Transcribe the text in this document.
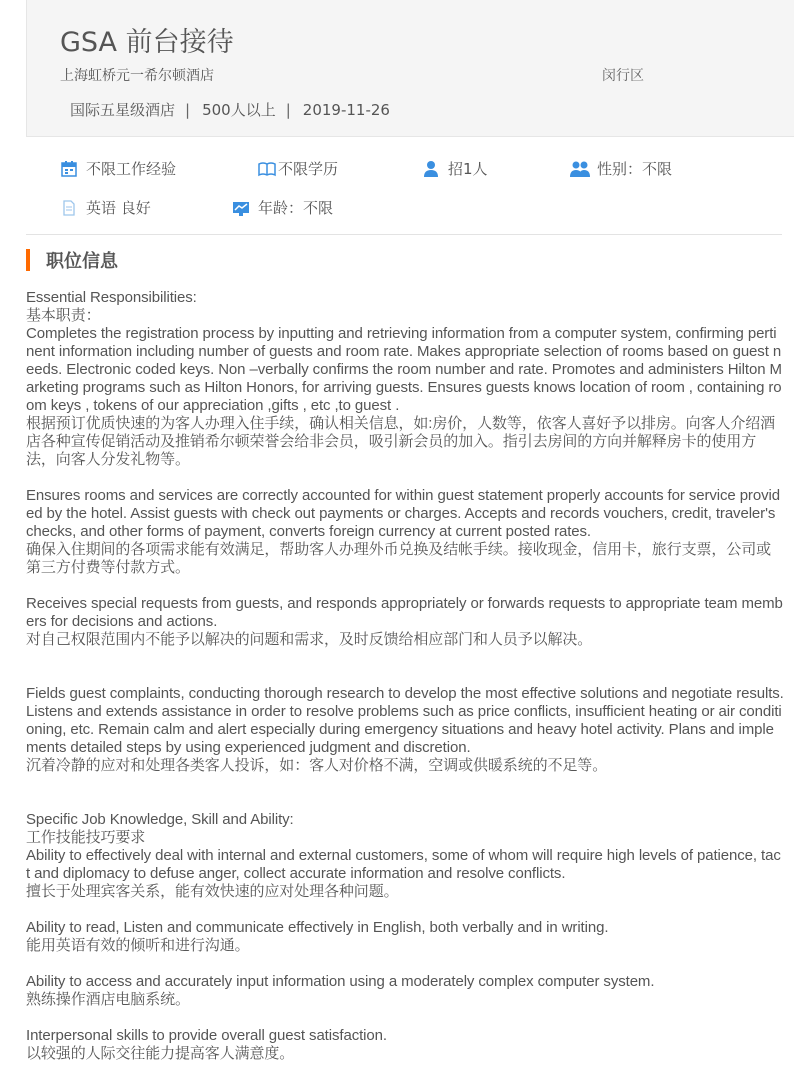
GSA 前台接待
上海虹桥元一希尔顿酒店	闵行区
国际五星级酒店 | 500人以上 | 2019-11-26
不限工作经验	不限学历	招1人	性别：不限
英语 良好	年龄：不限
职位信息
Essential Responsibilities:
基本职责：
Completes the registration process by inputting and retrieving information from a computer system, confirming pertinent information including number of guests and room rate. Makes appropriate selection of rooms based on guest needs. Electronic coded keys. Non –verbally confirms the room number and rate. Promotes and administers Hilton Marketing programs such as Hilton Honors, for arriving guests. Ensures guests knows location of room , containing room keys , tokens of our appreciation ,gifts , etc ,to guest .
根据预订优质快速的为客人办理入住手续，确认相关信息，如:房价，人数等，依客人喜好予以排房。向客人介绍酒店各种宣传促销活动及推销希尔顿荣誉会给非会员，吸引新会员的加入。指引去房间的方向并解释房卡的使用方法，向客人分发礼物等。

Ensures rooms and services are correctly accounted for within guest statement properly accounts for service provided by the hotel. Assist guests with check out payments or charges. Accepts and records vouchers, credit, traveler's checks, and other forms of payment, converts foreign currency at current posted rates.
确保入住期间的各项需求能有效满足，帮助客人办理外币兑换及结帐手续。接收现金，信用卡，旅行支票，公司或第三方付费等付款方式。

Receives special requests from guests, and responds appropriately or forwards requests to appropriate team members for decisions and actions.
对自己权限范围内不能予以解决的问题和需求，及时反馈给相应部门和人员予以解决。

Fields guest complaints, conducting thorough research to develop the most effective solutions and negotiate results. Listens and extends assistance in order to resolve problems such as price conflicts, insufficient heating or air conditioning, etc. Remain calm and alert especially during emergency situations and heavy hotel activity. Plans and implements detailed steps by using experienced judgment and discretion.
沉着冷静的应对和处理各类客人投诉，如：客人对价格不满，空调或供暖系统的不足等。

Specific Job Knowledge, Skill and Ability:
工作技能技巧要求
Ability to effectively deal with internal and external customers, some of whom will require high levels of patience, tact and diplomacy to defuse anger, collect accurate information and resolve conflicts.
擅长于处理宾客关系，能有效快速的应对处理各种问题。

Ability to read, Listen and communicate effectively in English, both verbally and in writing.
能用英语有效的倾听和进行沟通。

Ability to access and accurately input information using a moderately complex computer system.
熟练操作酒店电脑系统。

Interpersonal skills to provide overall guest satisfaction.
以较强的人际交往能力提高客人满意度。
